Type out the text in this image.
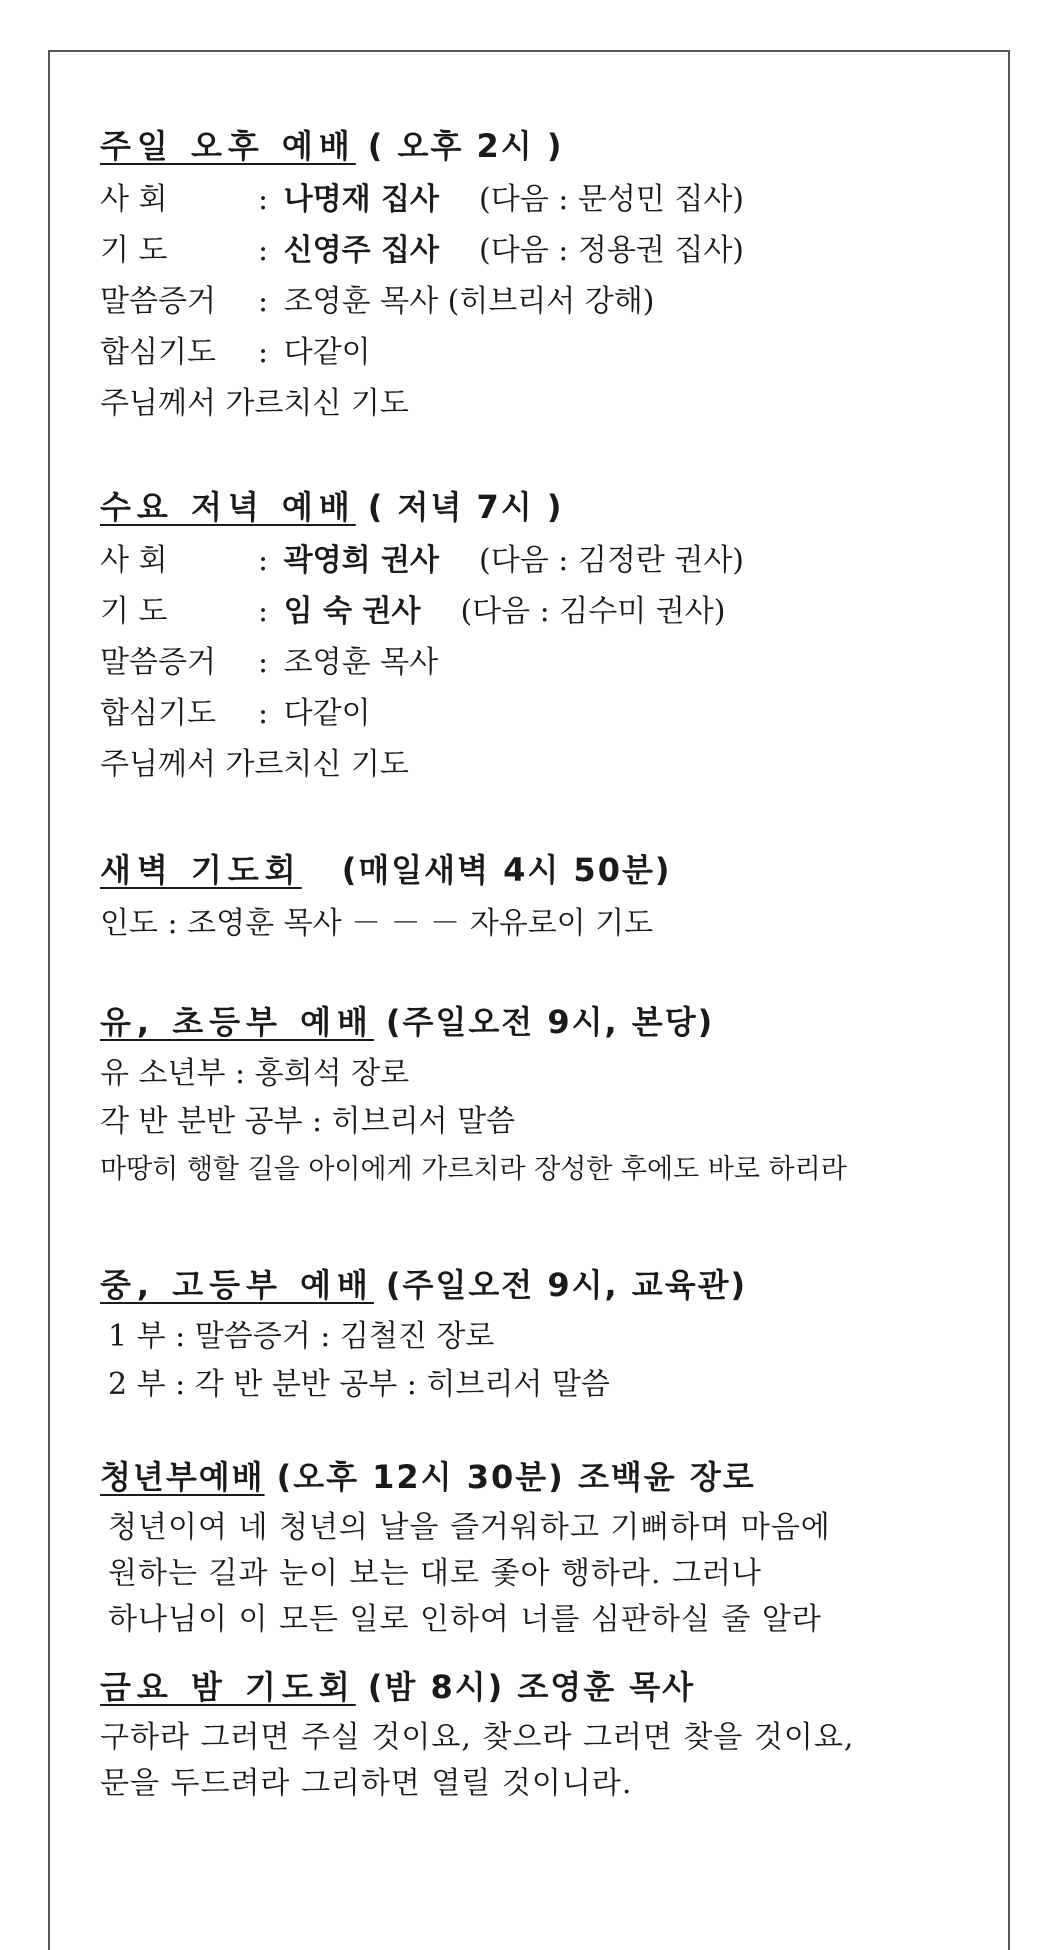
주일 오후 예배 ( 오후 2시 )
사 회	: 나명재 집사 (다음 : 문성민 집사)
기 도	: 신영주 집사 (다음 : 정용권 집사)
말씀증거 : 조영훈 목사 (히브리서 강해)
합심기도 : 다같이
주님께서 가르치신 기도
수요 저녁 예배 ( 저녁 7시 )
사 회	: 곽영희 권사 (다음 : 김정란 권사)
기 도	: 임 숙 권사 (다음 : 김수미 권사)
말씀증거 : 조영훈 목사
합심기도 : 다같이
주님께서 가르치신 기도
새벽 기도회 (매일새벽 4시 50분)
인도 : 조영훈 목사 － － － 자유로이 기도
유, 초등부 예배 (주일오전 9시, 본당)
유 소년부 : 홍희석 장로
각 반 분반 공부 : 히브리서 말씀
마땅히 행할 길을 아이에게 가르치라 장성한 후에도 바로 하리라
중, 고등부 예배 (주일오전 9시, 교육관)
1 부 : 말씀증거 : 김철진 장로
2 부 : 각 반 분반 공부 : 히브리서 말씀
청년부예배 (오후 12시 30분) 조백윤 장로
청년이여 네 청년의 날을 즐거워하고 기뻐하며 마음에
원하는 길과 눈이 보는 대로 좇아 행하라. 그러나
하나님이 이 모든 일로 인하여 너를 심판하실 줄 알라
금요 밤 기도회 (밤 8시) 조영훈 목사
구하라 그러면 주실 것이요, 찾으라 그러면 찾을 것이요,
문을 두드려라 그리하면 열릴 것이니라.
